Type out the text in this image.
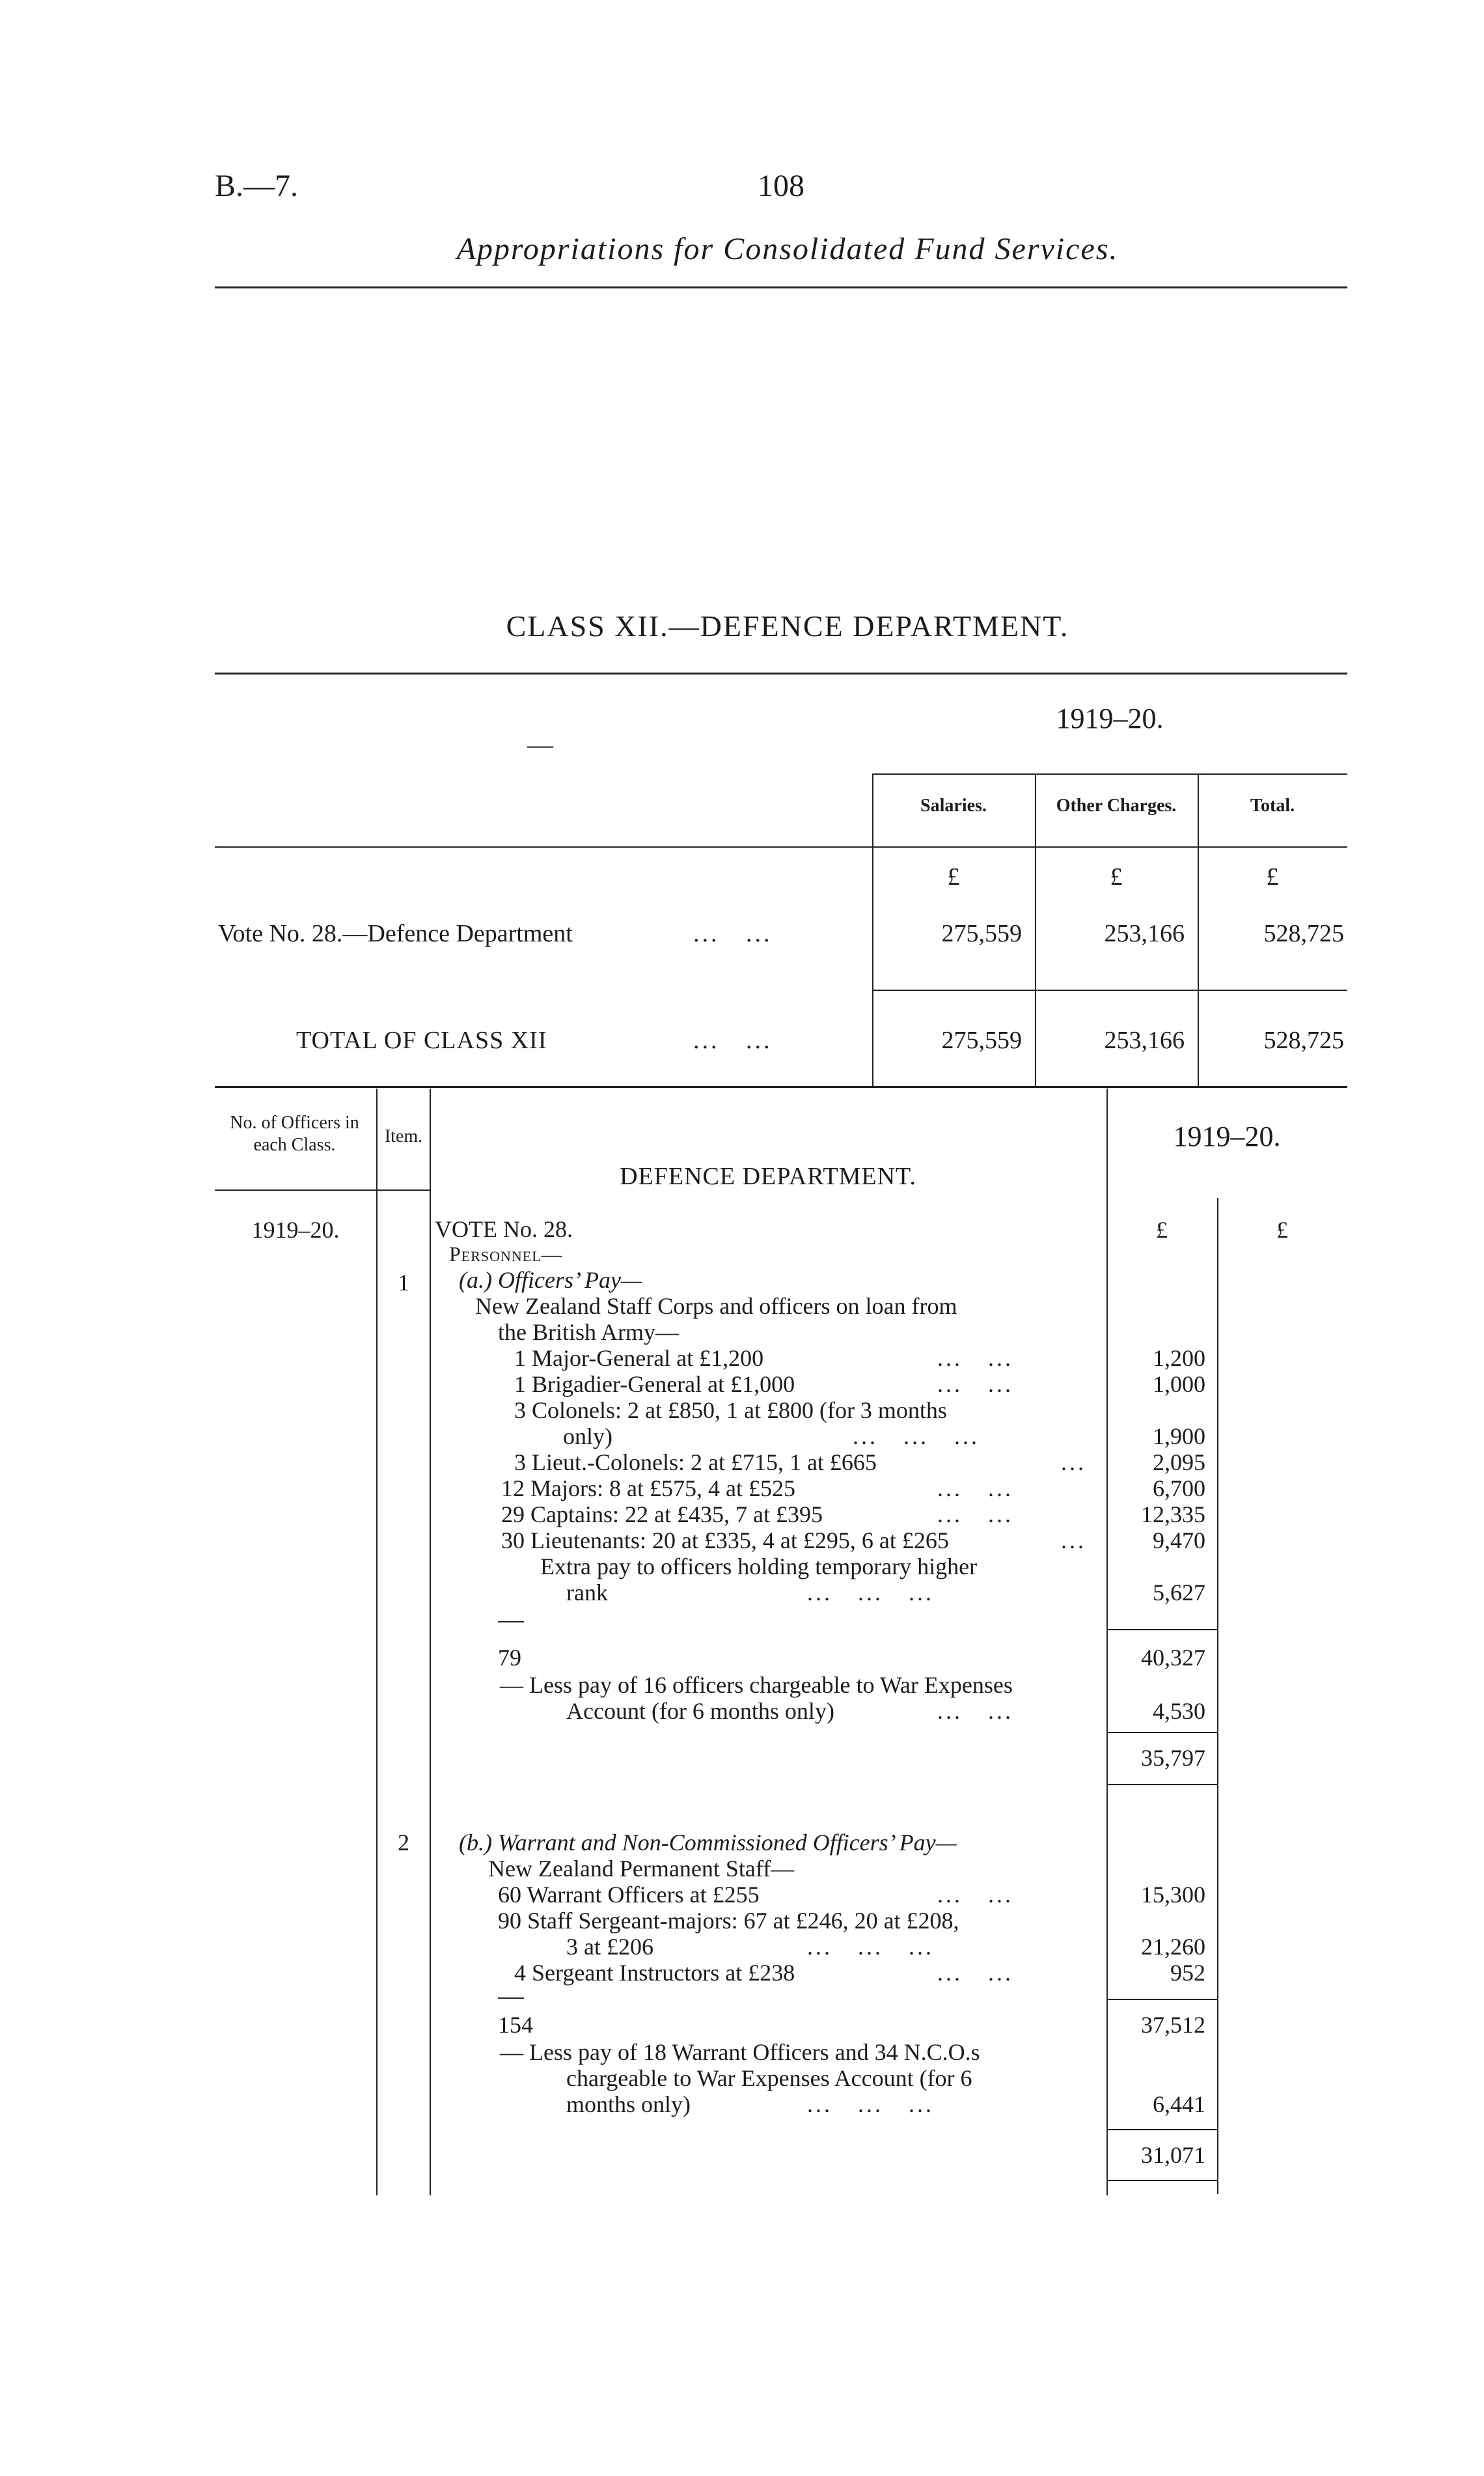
B.—7.	108
Appropriations for Consolidated Fund Services.
CLASS XII.—DEFENCE DEPARTMENT.
1919–20.
—
Salaries.	Other Charges.	Total.
£	£	£
Vote No. 28.—Defence Department	...   ...	275,559	253,166	528,725
TOTAL OF CLASS XII	...   ...	275,559	253,166	528,725
No. of Officers in each Class.	Item.
DEFENCE DEPARTMENT.
1919–20.
1919–20.	£	£
VOTE No. 28.
Personnel—
1	(a.) Officers’ Pay—
New Zealand Staff Corps and officers on loan from
the British Army—
1 Major-General at £1,200	...   ...	1,200
1 Brigadier-General at £1,000	...   ...	1,000
3 Colonels: 2 at £850, 1 at £800 (for 3 months
only)	...   ...   ...	1,900
3 Lieut.-Colonels: 2 at £715, 1 at £665	...	2,095
12 Majors: 8 at £575, 4 at £525	...   ...	6,700
29 Captains: 22 at £435, 7 at £395	...   ...	12,335
30 Lieutenants: 20 at £335, 4 at £295, 6 at £265	...	9,470
Extra pay to officers holding temporary higher
rank	...   ...   ...	5,627
79	40,327
— Less pay of 16 officers chargeable to War Expenses
Account (for 6 months only)	...   ...	4,530
35,797
2	(b.) Warrant and Non-Commissioned Officers’ Pay—
New Zealand Permanent Staff—
60 Warrant Officers at £255	...   ...	15,300
90 Staff Sergeant-majors: 67 at £246, 20 at £208,
3 at £206	...   ...   ...	21,260
4 Sergeant Instructors at £238	...   ...	952
154	37,512
— Less pay of 18 Warrant Officers and 34 N.C.O.s
chargeable to War Expenses Account (for 6
months only)	...   ...   ...	6,441
31,071
